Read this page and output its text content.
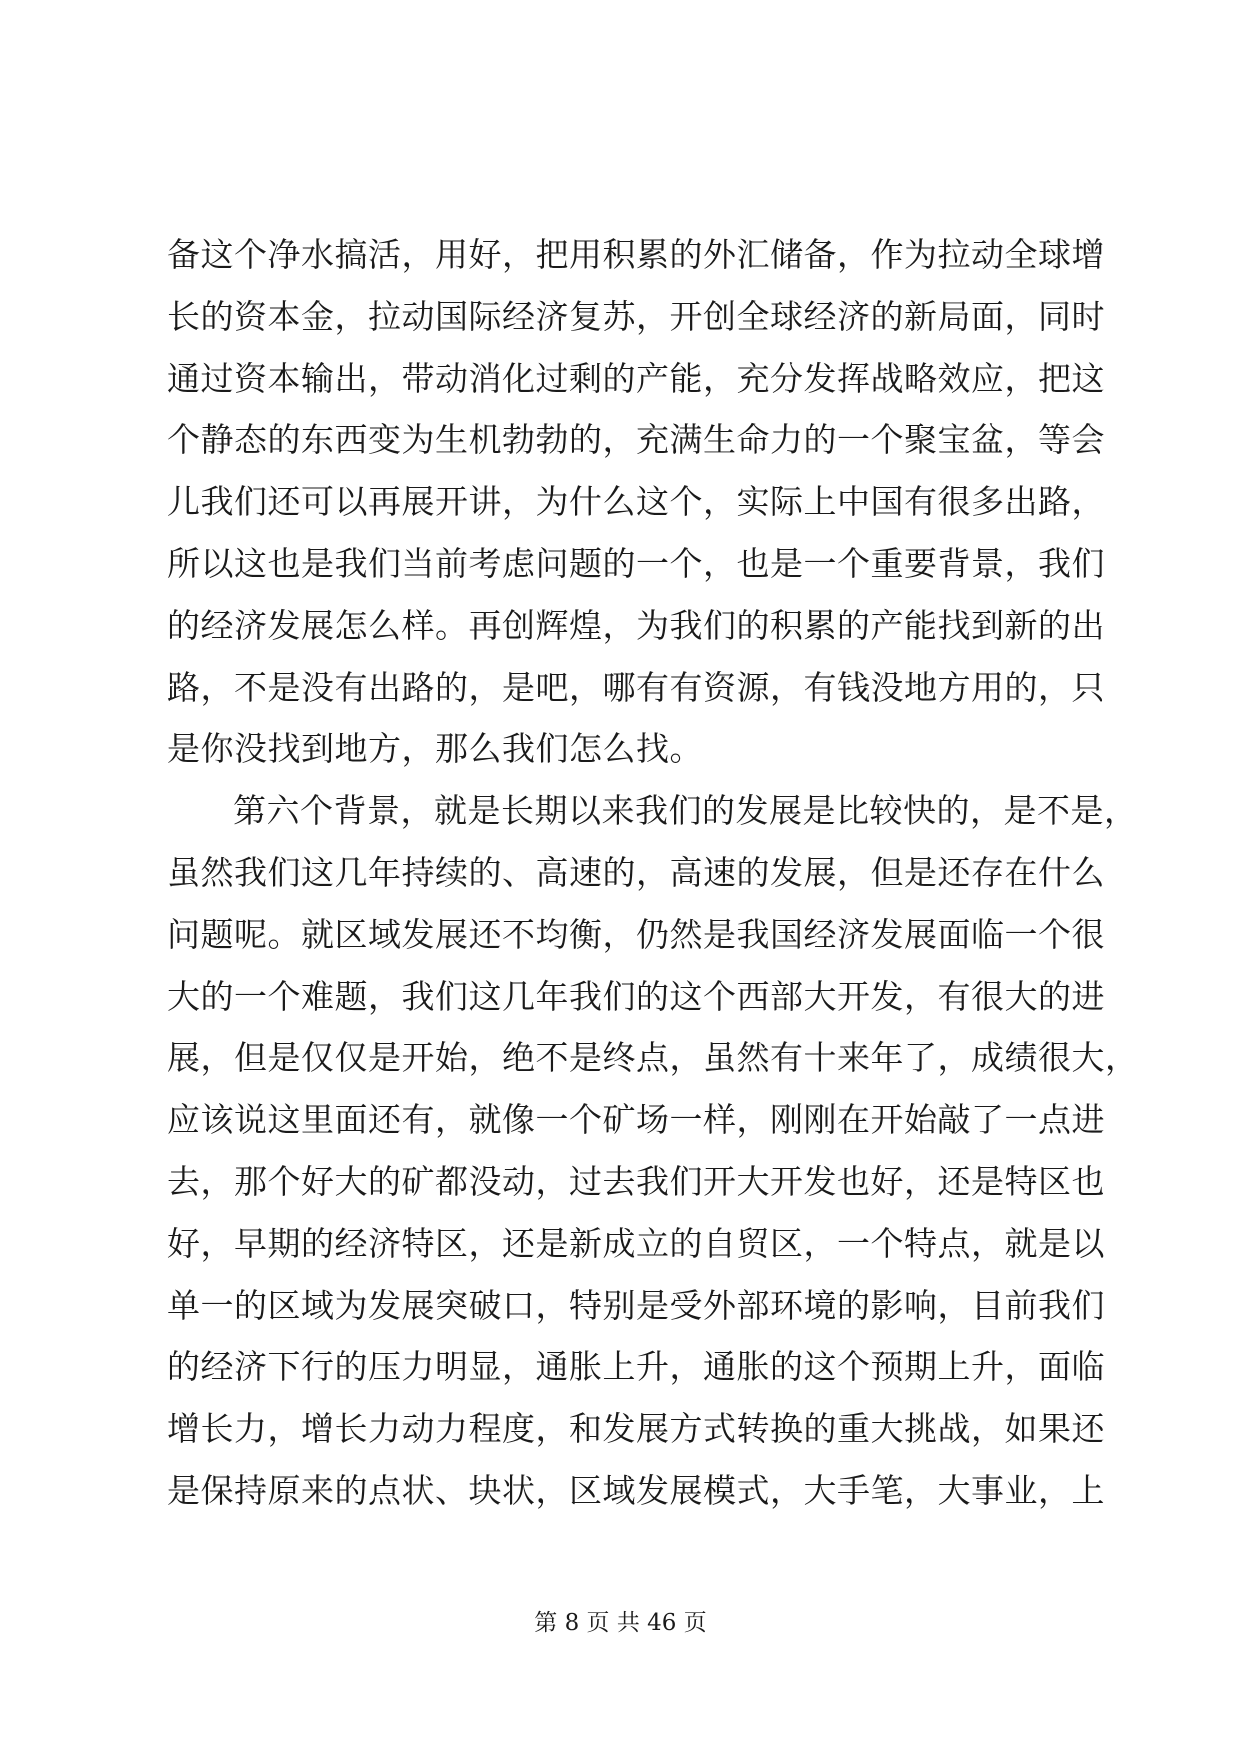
备这个净水搞活，用好，把用积累的外汇储备，作为拉动全球增
长的资本金，拉动国际经济复苏，开创全球经济的新局面，同时
通过资本输出，带动消化过剩的产能，充分发挥战略效应，把这
个静态的东西变为生机勃勃的，充满生命力的一个聚宝盆，等会
儿我们还可以再展开讲，为什么这个，实际上中国有很多出路，
所以这也是我们当前考虑问题的一个，也是一个重要背景，我们
的经济发展怎么样。再创辉煌，为我们的积累的产能找到新的出
路，不是没有出路的，是吧，哪有有资源，有钱没地方用的，只
是你没找到地方，那么我们怎么找。
第六个背景，就是长期以来我们的发展是比较快的，是不是，
虽然我们这几年持续的、高速的，高速的发展，但是还存在什么
问题呢。就区域发展还不均衡，仍然是我国经济发展面临一个很
大的一个难题，我们这几年我们的这个西部大开发，有很大的进
展，但是仅仅是开始，绝不是终点，虽然有十来年了，成绩很大，
应该说这里面还有，就像一个矿场一样，刚刚在开始敲了一点进
去，那个好大的矿都没动，过去我们开大开发也好，还是特区也
好，早期的经济特区，还是新成立的自贸区，一个特点，就是以
单一的区域为发展突破口，特别是受外部环境的影响，目前我们
的经济下行的压力明显，通胀上升，通胀的这个预期上升，面临
增长力，增长力动力程度，和发展方式转换的重大挑战，如果还
是保持原来的点状、块状，区域发展模式，大手笔，大事业，上
第 8 页 共 46 页
